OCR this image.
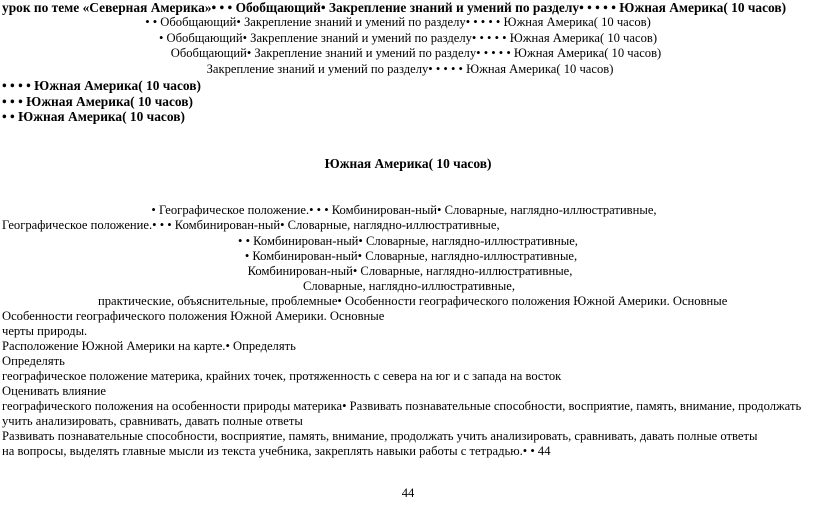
урок по теме «Северная Америка»• • • Обобщающий• Закрепление знаний и умений по разделу• • • • • Южная Америка( 10 часов)
• • Обобщающий• Закрепление знаний и умений по разделу• • • • • Южная Америка( 10 часов)
• Обобщающий• Закрепление знаний и умений по разделу• • • • • Южная Америка( 10 часов)
Обобщающий• Закрепление знаний и умений по разделу• • • • • Южная Америка( 10 часов)
Закрепление знаний и умений по разделу• • • • • Южная Америка( 10 часов)
• • • • Южная Америка( 10 часов)
• • • Южная Америка( 10 часов)
• • Южная Америка( 10 часов)
Южная Америка( 10 часов)
• Географическое положение.• • • Комбинирован-ный• Словарные, наглядно-иллюстративные,
Географическое положение.• • • Комбинирован-ный• Словарные, наглядно-иллюстративные,
• • Комбинирован-ный• Словарные, наглядно-иллюстративные,
• Комбинирован-ный• Словарные, наглядно-иллюстративные,
Комбинирован-ный• Словарные, наглядно-иллюстративные,
Словарные, наглядно-иллюстративные,
практические, объяснительные, проблемные• Особенности географического положения Южной Америки. Основные
Особенности географического положения Южной Америки. Основные
черты природы.
Расположение Южной Америки на карте.• Определять
Определять
географическое положение материка, крайних точек, протяженность с севера на юг и с запада на восток
Оценивать влияние
географического положения на особенности природы материка• Развивать познавательные способности, восприятие, память, внимание, продолжать
учить анализировать, сравнивать, давать полные ответы
Развивать познавательные способности, восприятие, память, внимание, продолжать учить анализировать, сравнивать, давать полные ответы
на вопросы, выделять главные мысли из текста учебника, закреплять навыки работы с тетрадью.• • 44
44
